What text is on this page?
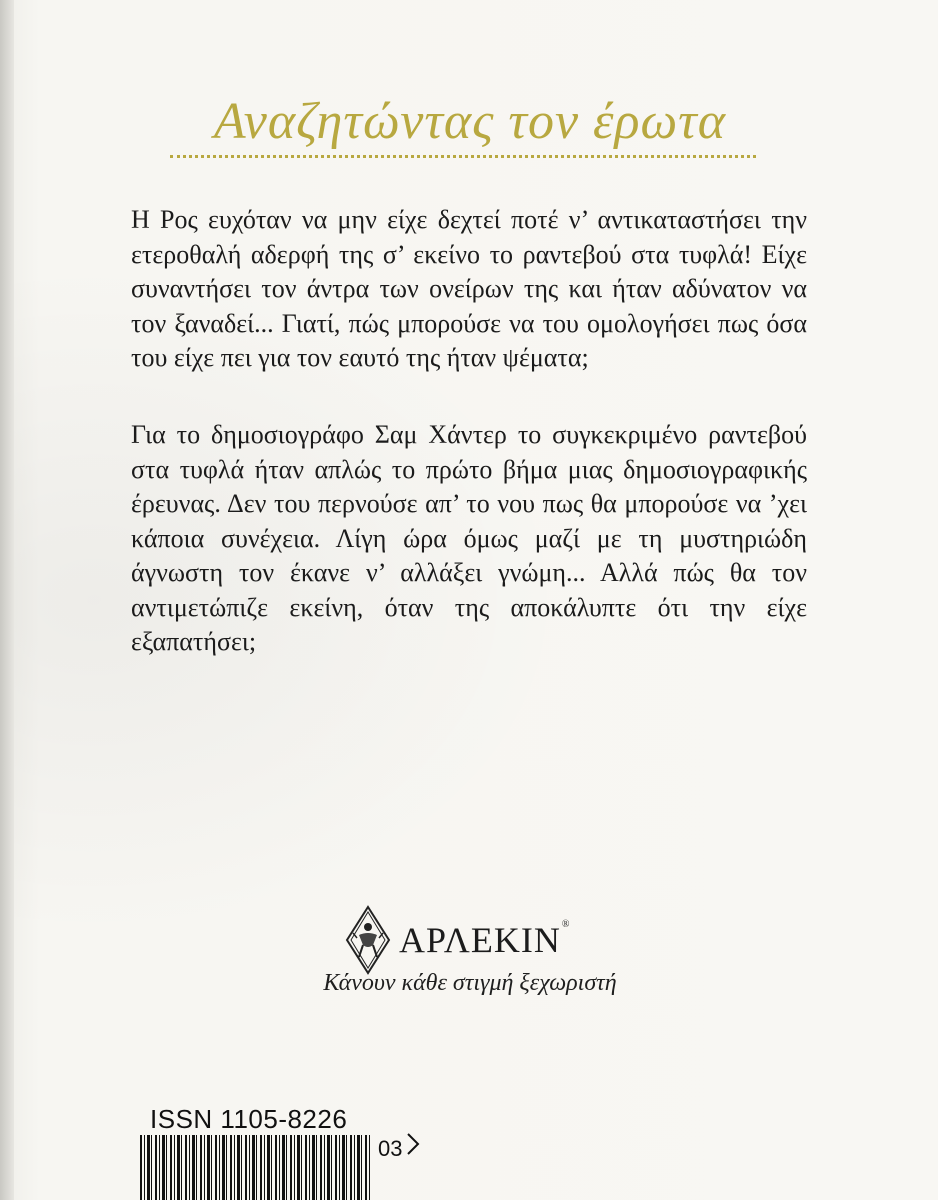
Αναζητώντας τον έρωτα

Η Ρος ευχόταν να μην είχε δεχτεί ποτέ ν’ αντικαταστήσει την ετεροθαλή αδερφή της σ’ εκείνο το ραντεβού στα τυφλά! Είχε συναντήσει τον άντρα των ονείρων της και ήταν αδύνατον να τον ξαναδεί... Γιατί, πώς μπορούσε να του ομολογήσει πως όσα του είχε πει για τον εαυτό της ήταν ψέματα;

Για το δημοσιογράφο Σαμ Χάντερ το συγκεκριμένο ραντεβού στα τυφλά ήταν απλώς το πρώτο βήμα μιας δημοσιογραφικής έρευνας. Δεν του περνούσε απ’ το νου πως θα μπορούσε να ’χει κάποια συνέχεια. Λίγη ώρα όμως μαζί με τη μυστηριώδη άγνωστη τον έκανε ν’ αλλάξει γνώμη... Αλλά πώς θα τον αντιμετώπιζε εκείνη, όταν της αποκάλυπτε ότι την είχε εξαπατήσει;

ΑΡΛΕΚΙΝ®
Κάνουν κάθε στιγμή ξεχωριστή
ISSN 1105-8226
03
